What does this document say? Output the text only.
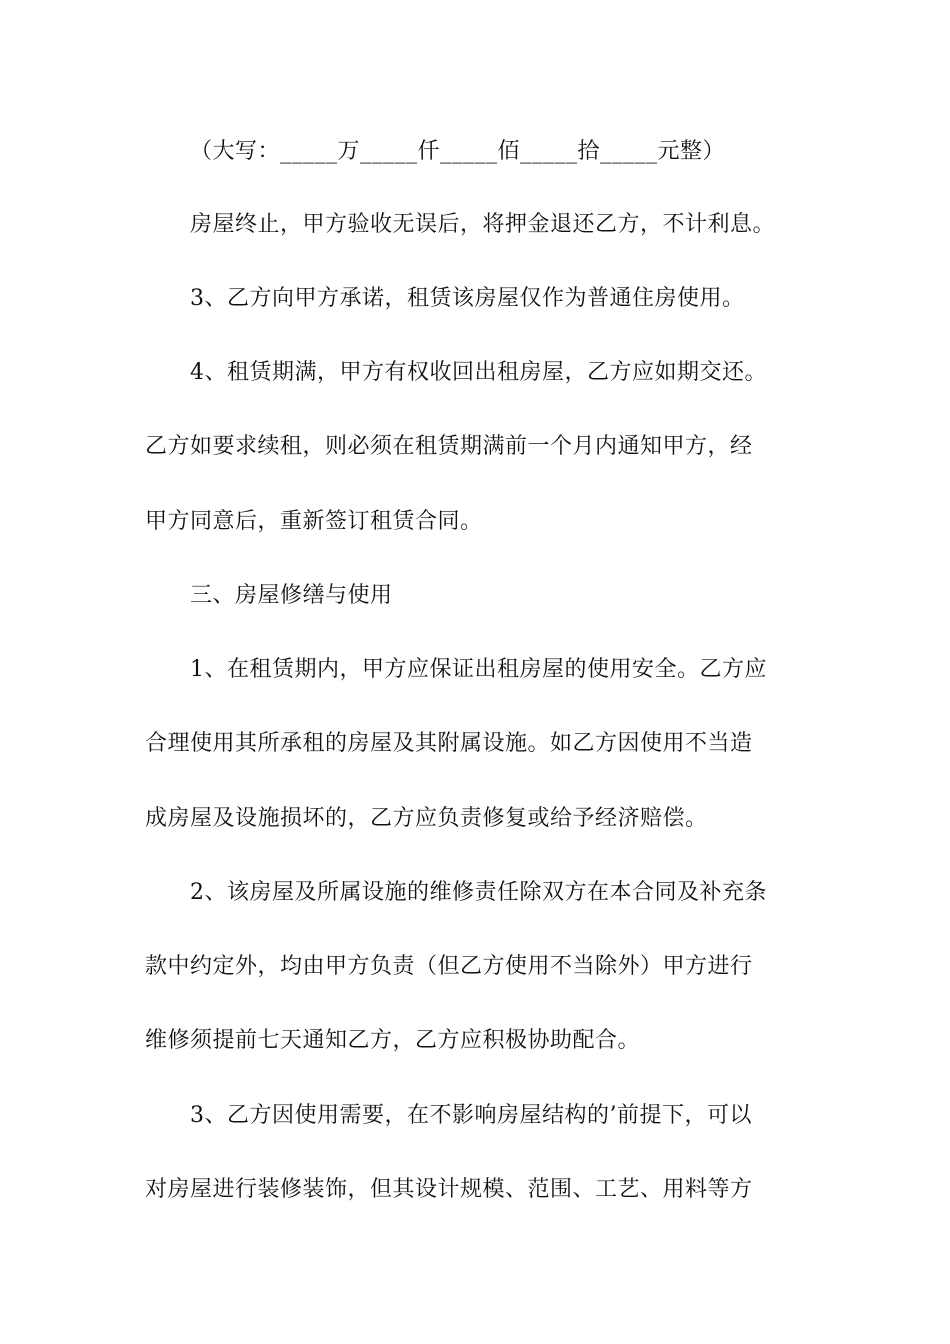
（大写：_____万_____仟_____佰_____拾_____元整）
房屋终止，甲方验收无误后，将押金退还乙方，不计利息。
3、乙方向甲方承诺，租赁该房屋仅作为普通住房使用。
4、租赁期满，甲方有权收回出租房屋，乙方应如期交还。
乙方如要求续租，则必须在租赁期满前一个月内通知甲方，经
甲方同意后，重新签订租赁合同。
三、房屋修缮与使用
1、在租赁期内，甲方应保证出租房屋的使用安全。乙方应
合理使用其所承租的房屋及其附属设施。如乙方因使用不当造
成房屋及设施损坏的，乙方应负责修复或给予经济赔偿。
2、该房屋及所属设施的维修责任除双方在本合同及补充条
款中约定外，均由甲方负责（但乙方使用不当除外）甲方进行
维修须提前七天通知乙方，乙方应积极协助配合。
3、乙方因使用需要，在不影响房屋结构的’前提下，可以
对房屋进行装修装饰，但其设计规模、范围、工艺、用料等方
